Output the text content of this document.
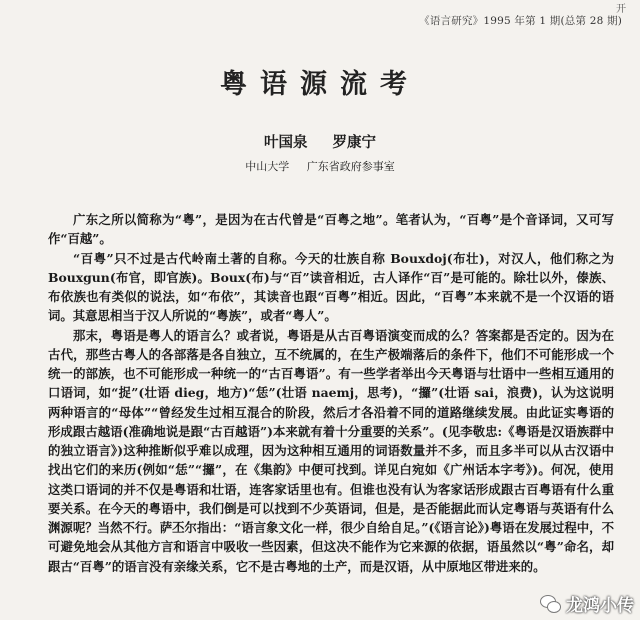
开
《语言研究》1995 年第 1 期(总第 28 期)
粤语源流考
叶国泉 罗康宁
中山大学 广东省政府参事室

广东之所以简称为“粤”，是因为在古代曾是“百粤之地”。笔者认为，“百粤”是个音译词，又可写作“百越”。

“百粤”只不过是古代岭南土著的自称。今天的壮族自称 Bouxdoj(布壮)，对汉人，他们称之为 Bouxgun(布官，即官族)。Boux(布)与“百”读音相近，古人译作“百”是可能的。除壮以外，傣族、布依族也有类似的说法，如“布依”，其读音也跟“百粤”相近。因此，“百粤”本来就不是一个汉语的语词。其意思相当于汉人所说的“粤族”，或者“粤人”。

那末，粤语是粤人的语言么？或者说，粤语是从古百粤语演变而成的么？答案都是否定的。因为在古代，那些古粤人的各部落是各自独立，互不统属的，在生产极端落后的条件下，他们不可能形成一个统一的部族，也不可能形成一种统一的“古百粤语”。有一些学者举出今天粤语与壮语中一些相互通用的口语词，如“捉”(壮语 dieg，地方)“恁”(壮语 naemj，思考)，“攞”(壮语 sai，浪费)，认为这说明两种语言的“母体”“曾经发生过相互混合的阶段，然后才各沿着不同的道路继续发展。由此证实粤语的形成跟古越语(准确地说是跟“古百越语”)本来就有着十分重要的关系”。(见李敬忠:《粤语是汉语族群中的独立语言》)这种推断似乎难以成理，因为这种相互通用的词语数量并不多，而且多半可以从古汉语中找出它们的来历(例如“恁”“攞”，在《集韵》中便可找到。详见白宛如《广州话本字考》)。何况，使用这类口语词的并不仅是粤语和壮语，连客家话里也有。但谁也没有认为客家话形成跟古百粤语有什么重要关系。在今天的粤语中，我们倒是可以找到不少英语词，但是，是否能据此而认定粤语与英语有什么渊源呢？当然不行。萨丕尔指出：“语言象文化一样，很少自给自足。”(《语言论》)粤语在发展过程中，不可避免地会从其他方言和语言中吸收一些因素，但这决不能作为它来源的依据，语虽然以“粤”命名，却跟古“百粤”的语言没有亲缘关系，它不是古粤地的土产，而是汉语，从中原地区带进来的。

龙鸿小传
